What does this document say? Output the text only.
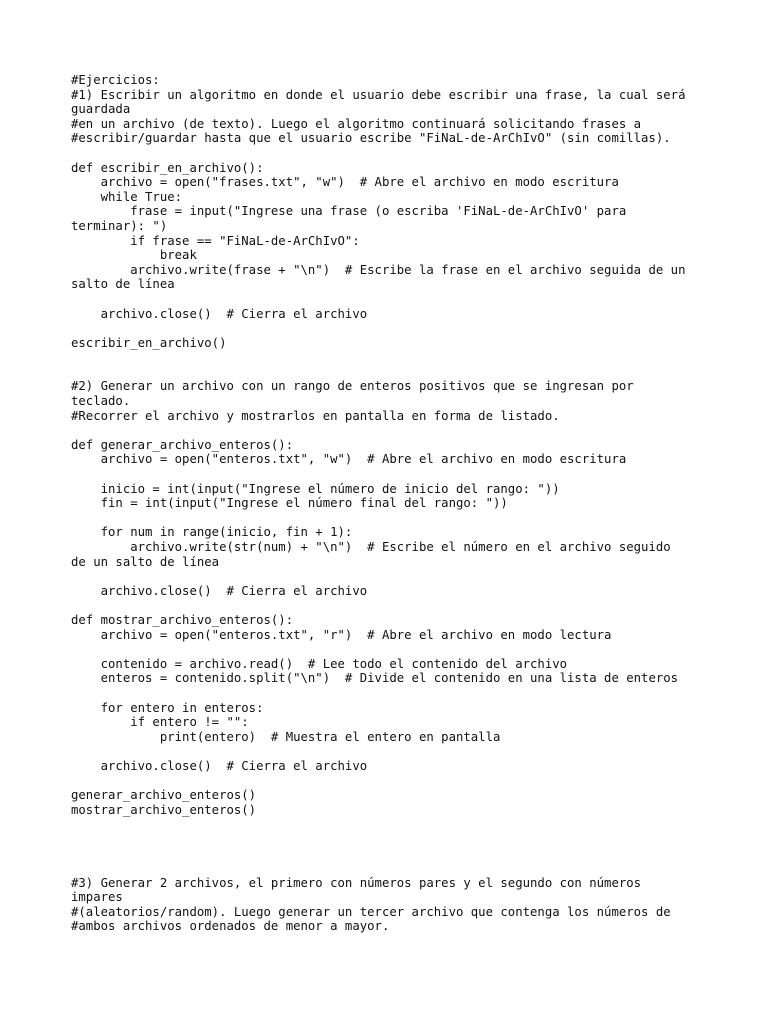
#Ejercicios:
#1) Escribir un algoritmo en donde el usuario debe escribir una frase, la cual será
guardada
#en un archivo (de texto). Luego el algoritmo continuará solicitando frases a
#escribir/guardar hasta que el usuario escribe "FiNaL-de-ArChIvO" (sin comillas).
def escribir_en_archivo():
archivo = open("frases.txt", "w")  # Abre el archivo en modo escritura
while True:
frase = input("Ingrese una frase (o escriba 'FiNaL-de-ArChIvO' para
terminar): ")
if frase == "FiNaL-de-ArChIvO":
break
archivo.write(frase + "\n")  # Escribe la frase en el archivo seguida de un
salto de línea
archivo.close()  # Cierra el archivo
escribir_en_archivo()
#2) Generar un archivo con un rango de enteros positivos que se ingresan por
teclado.
#Recorrer el archivo y mostrarlos en pantalla en forma de listado.
def generar_archivo_enteros():
archivo = open("enteros.txt", "w")  # Abre el archivo en modo escritura
inicio = int(input("Ingrese el número de inicio del rango: "))
fin = int(input("Ingrese el número final del rango: "))
for num in range(inicio, fin + 1):
archivo.write(str(num) + "\n")  # Escribe el número en el archivo seguido
de un salto de línea
archivo.close()  # Cierra el archivo
def mostrar_archivo_enteros():
archivo = open("enteros.txt", "r")  # Abre el archivo en modo lectura
contenido = archivo.read()  # Lee todo el contenido del archivo
enteros = contenido.split("\n")  # Divide el contenido en una lista de enteros
for entero in enteros:
if entero != "":
print(entero)  # Muestra el entero en pantalla
archivo.close()  # Cierra el archivo
generar_archivo_enteros()
mostrar_archivo_enteros()
#3) Generar 2 archivos, el primero con números pares y el segundo con números
impares
#(aleatorios/random). Luego generar un tercer archivo que contenga los números de
#ambos archivos ordenados de menor a mayor.
